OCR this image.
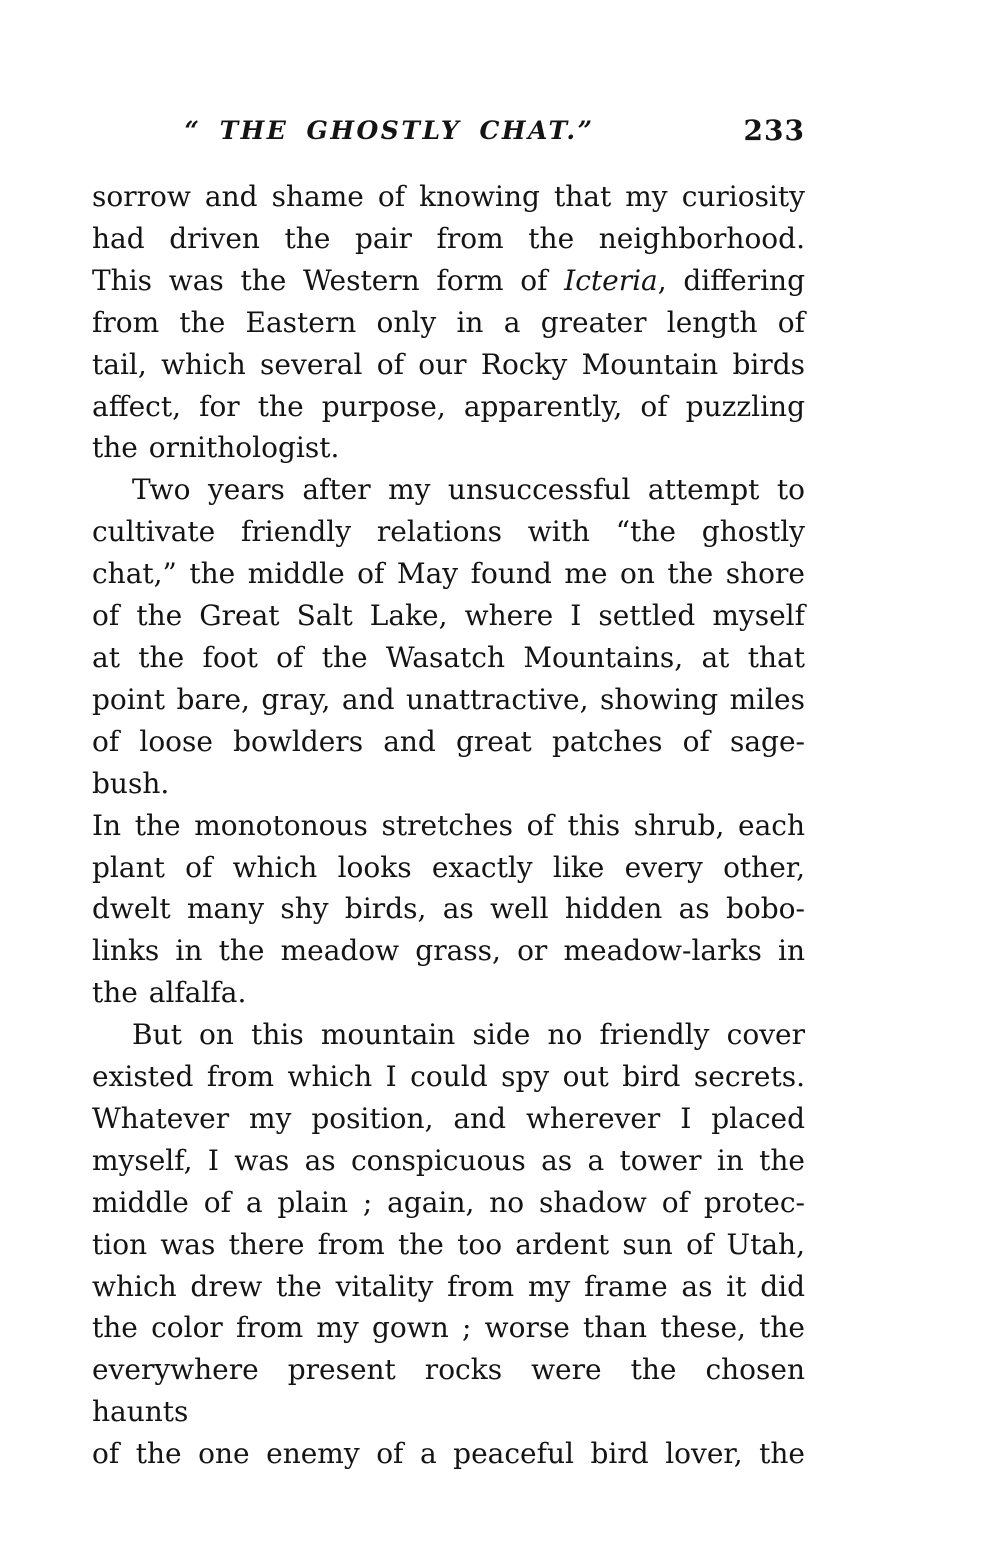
“ THE GHOSTLY CHAT.”	233

sorrow and shame of knowing that my curiosity
had driven the pair from the neighborhood.
This was the Western form of Icteria, differing
from the Eastern only in a greater length of
tail, which several of our Rocky Mountain birds
affect, for the purpose, apparently, of puzzling
the ornithologist.

Two years after my unsuccessful attempt to
cultivate friendly relations with “the ghostly
chat,” the middle of May found me on the shore
of the Great Salt Lake, where I settled myself
at the foot of the Wasatch Mountains, at that
point bare, gray, and unattractive, showing miles
of loose bowlders and great patches of sage-bush.
In the monotonous stretches of this shrub, each
plant of which looks exactly like every other,
dwelt many shy birds, as well hidden as bobo-
links in the meadow grass, or meadow-larks in
the alfalfa.

But on this mountain side no friendly cover
existed from which I could spy out bird secrets.
Whatever my position, and wherever I placed
myself, I was as conspicuous as a tower in the
middle of a plain ; again, no shadow of protec-
tion was there from the too ardent sun of Utah,
which drew the vitality from my frame as it did
the color from my gown ; worse than these, the
everywhere present rocks were the chosen haunts
of the one enemy of a peaceful bird lover, the
